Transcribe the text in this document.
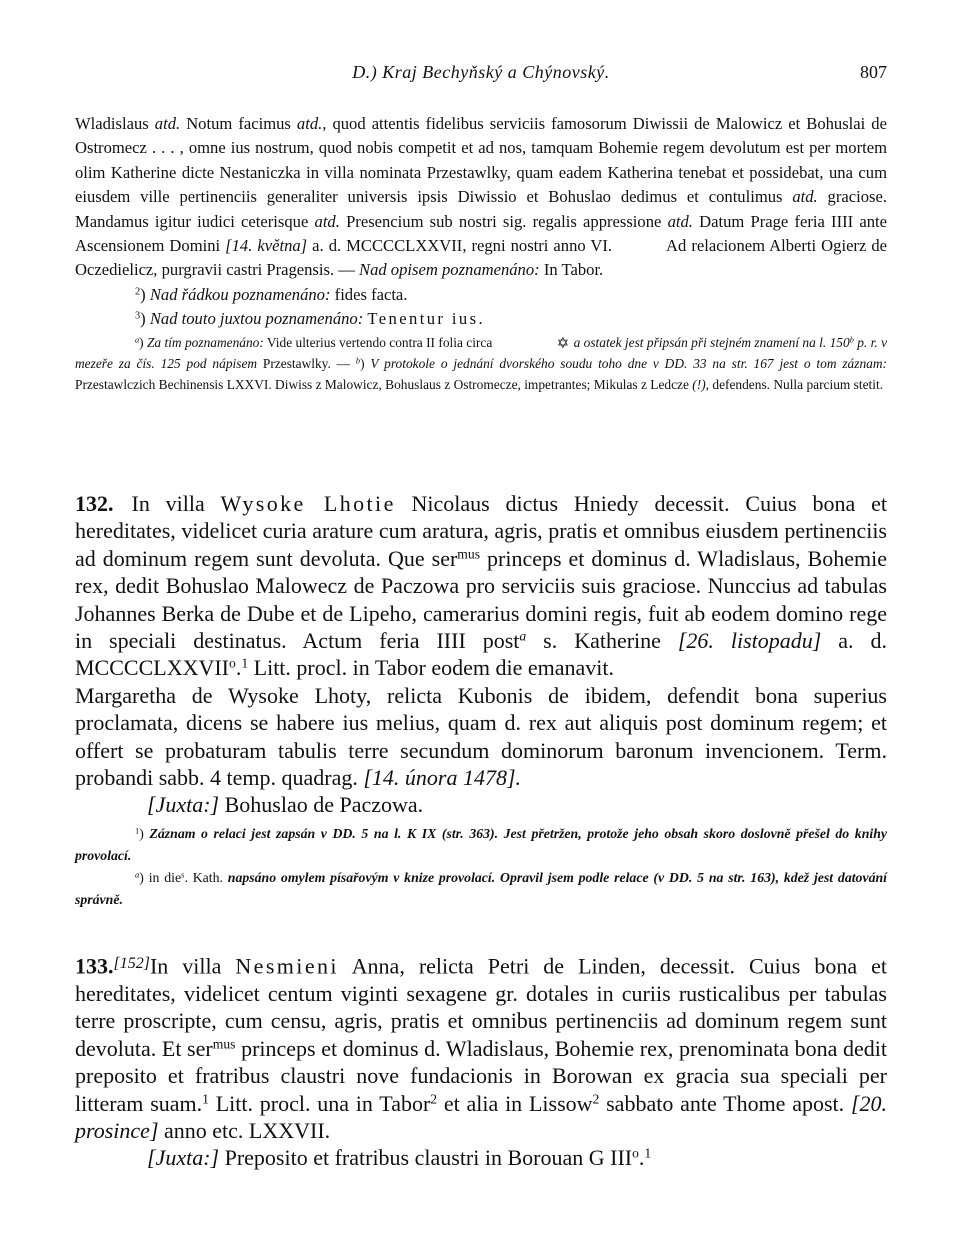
D.) Kraj Bechyňský a Chýnovský.	807

Wladislaus atd. Notum facimus atd., quod attentis fidelibus serviciis famosorum Diwissii de Malowicz et Bohuslai de Ostromecz . . . , omne ius nostrum, quod nobis competit et ad nos, tamquam Bohemie regem devolutum est per mortem olim Katherine dicte Nestaniczka in villa nominata Przestawlky, quam eadem Katherina tenebat et possidebat, una cum eiusdem ville pertinenciis generaliter universis ipsis Diwissio et Bohuslao dedimus et contulimus atd. graciose. Mandamus igitur iudici ceterisque atd. Presencium sub nostri sig. regalis appressione atd. Datum Prage feria IIII ante Ascensionem Domini [14. května] a. d. MCCCCLXXVII, regni nostri anno VI.	Ad relacionem Alberti Ogierz de Oczedielicz, purgravii castri Pragensis. — Nad opisem poznamenáno: In Tabor.

$^2$) Nad řádkou poznamenáno: fides facta.

$^3$) Nad touto juxtou poznamenáno: Tenentur ius.

$^a$) Za tím poznamenáno: Vide ulterius vertendo contra II folia circa	✡ a ostatek jest připsán při stejném znamení na l. 150$^b$ p. r. v mezeře za čís. 125 pod nápisem Przestawlky. — $^b$) V protokole o jednání dvorského soudu toho dne v DD. 33 na str. 167 jest o tom záznam: Przestawlczich Bechinensis LXXVI. Diwiss z Malowicz, Bohuslaus z Ostromecze, impetrantes; Mikulas z Ledcze (!), defendens. Nulla parcium stetit.

132. In villa Wysoke Lhotie Nicolaus dictus Hniedy decessit. Cuius bona et hereditates, videlicet curia arature cum aratura, agris, pratis et omnibus eiusdem pertinenciis ad dominum regem sunt devoluta. Que ser$^{mus}$ princeps et dominus d. Wladislaus, Bohemie rex, dedit Bohuslao Malowecz de Paczowa pro serviciis suis graciose. Nunccius ad tabulas Johannes Berka de Dube et de Lipeho, camerarius domini regis, fuit ab eodem domino rege in speciali destinatus. Actum feria IIII post$^a$ s. Katherine [26. listopadu] a. d. MCCCCLXXVII$^o$.$^1$ Litt. procl. in Tabor eodem die emanavit.

Margaretha de Wysoke Lhoty, relicta Kubonis de ibidem, defendit bona superius proclamata, dicens se habere ius melius, quam d. rex aut aliquis post dominum regem; et offert se probaturam tabulis terre secundum dominorum baronum invencionem. Term. probandi sabb. 4 temp. quadrag. [14. února 1478].

[Juxta:] Bohuslao de Paczowa.

$^1$) Záznam o relaci jest zapsán v DD. 5 na l. K IX (str. 363). Jest přetržen, protože jeho obsah skoro doslovně přešel do knihy provolací.

$^a$) in die$^s$. Kath. napsáno omylem písařovým v knize provolací. Opravil jsem podle relace (v DD. 5 na str. 163), kdež jest datování správně.

133.[152]In villa Nesmieni Anna, relicta Petri de Linden, decessit. Cuius bona et hereditates, videlicet centum viginti sexagene gr. dotales in curiis rusticalibus per tabulas terre proscripte, cum censu, agris, pratis et omnibus pertinenciis ad dominum regem sunt devoluta. Et ser$^{mus}$ princeps et dominus d. Wladislaus, Bohemie rex, prenominata bona dedit preposito et fratribus claustri nove fundacionis in Borowan ex gracia sua speciali per litteram suam.$^1$ Litt. procl. una in Tabor$^2$ et alia in Lissow$^2$ sabbato ante Thome apost. [20. prosince] anno etc. LXXVII.

[Juxta:] Preposito et fratribus claustri in Borouan G III$^o$.$^1$
